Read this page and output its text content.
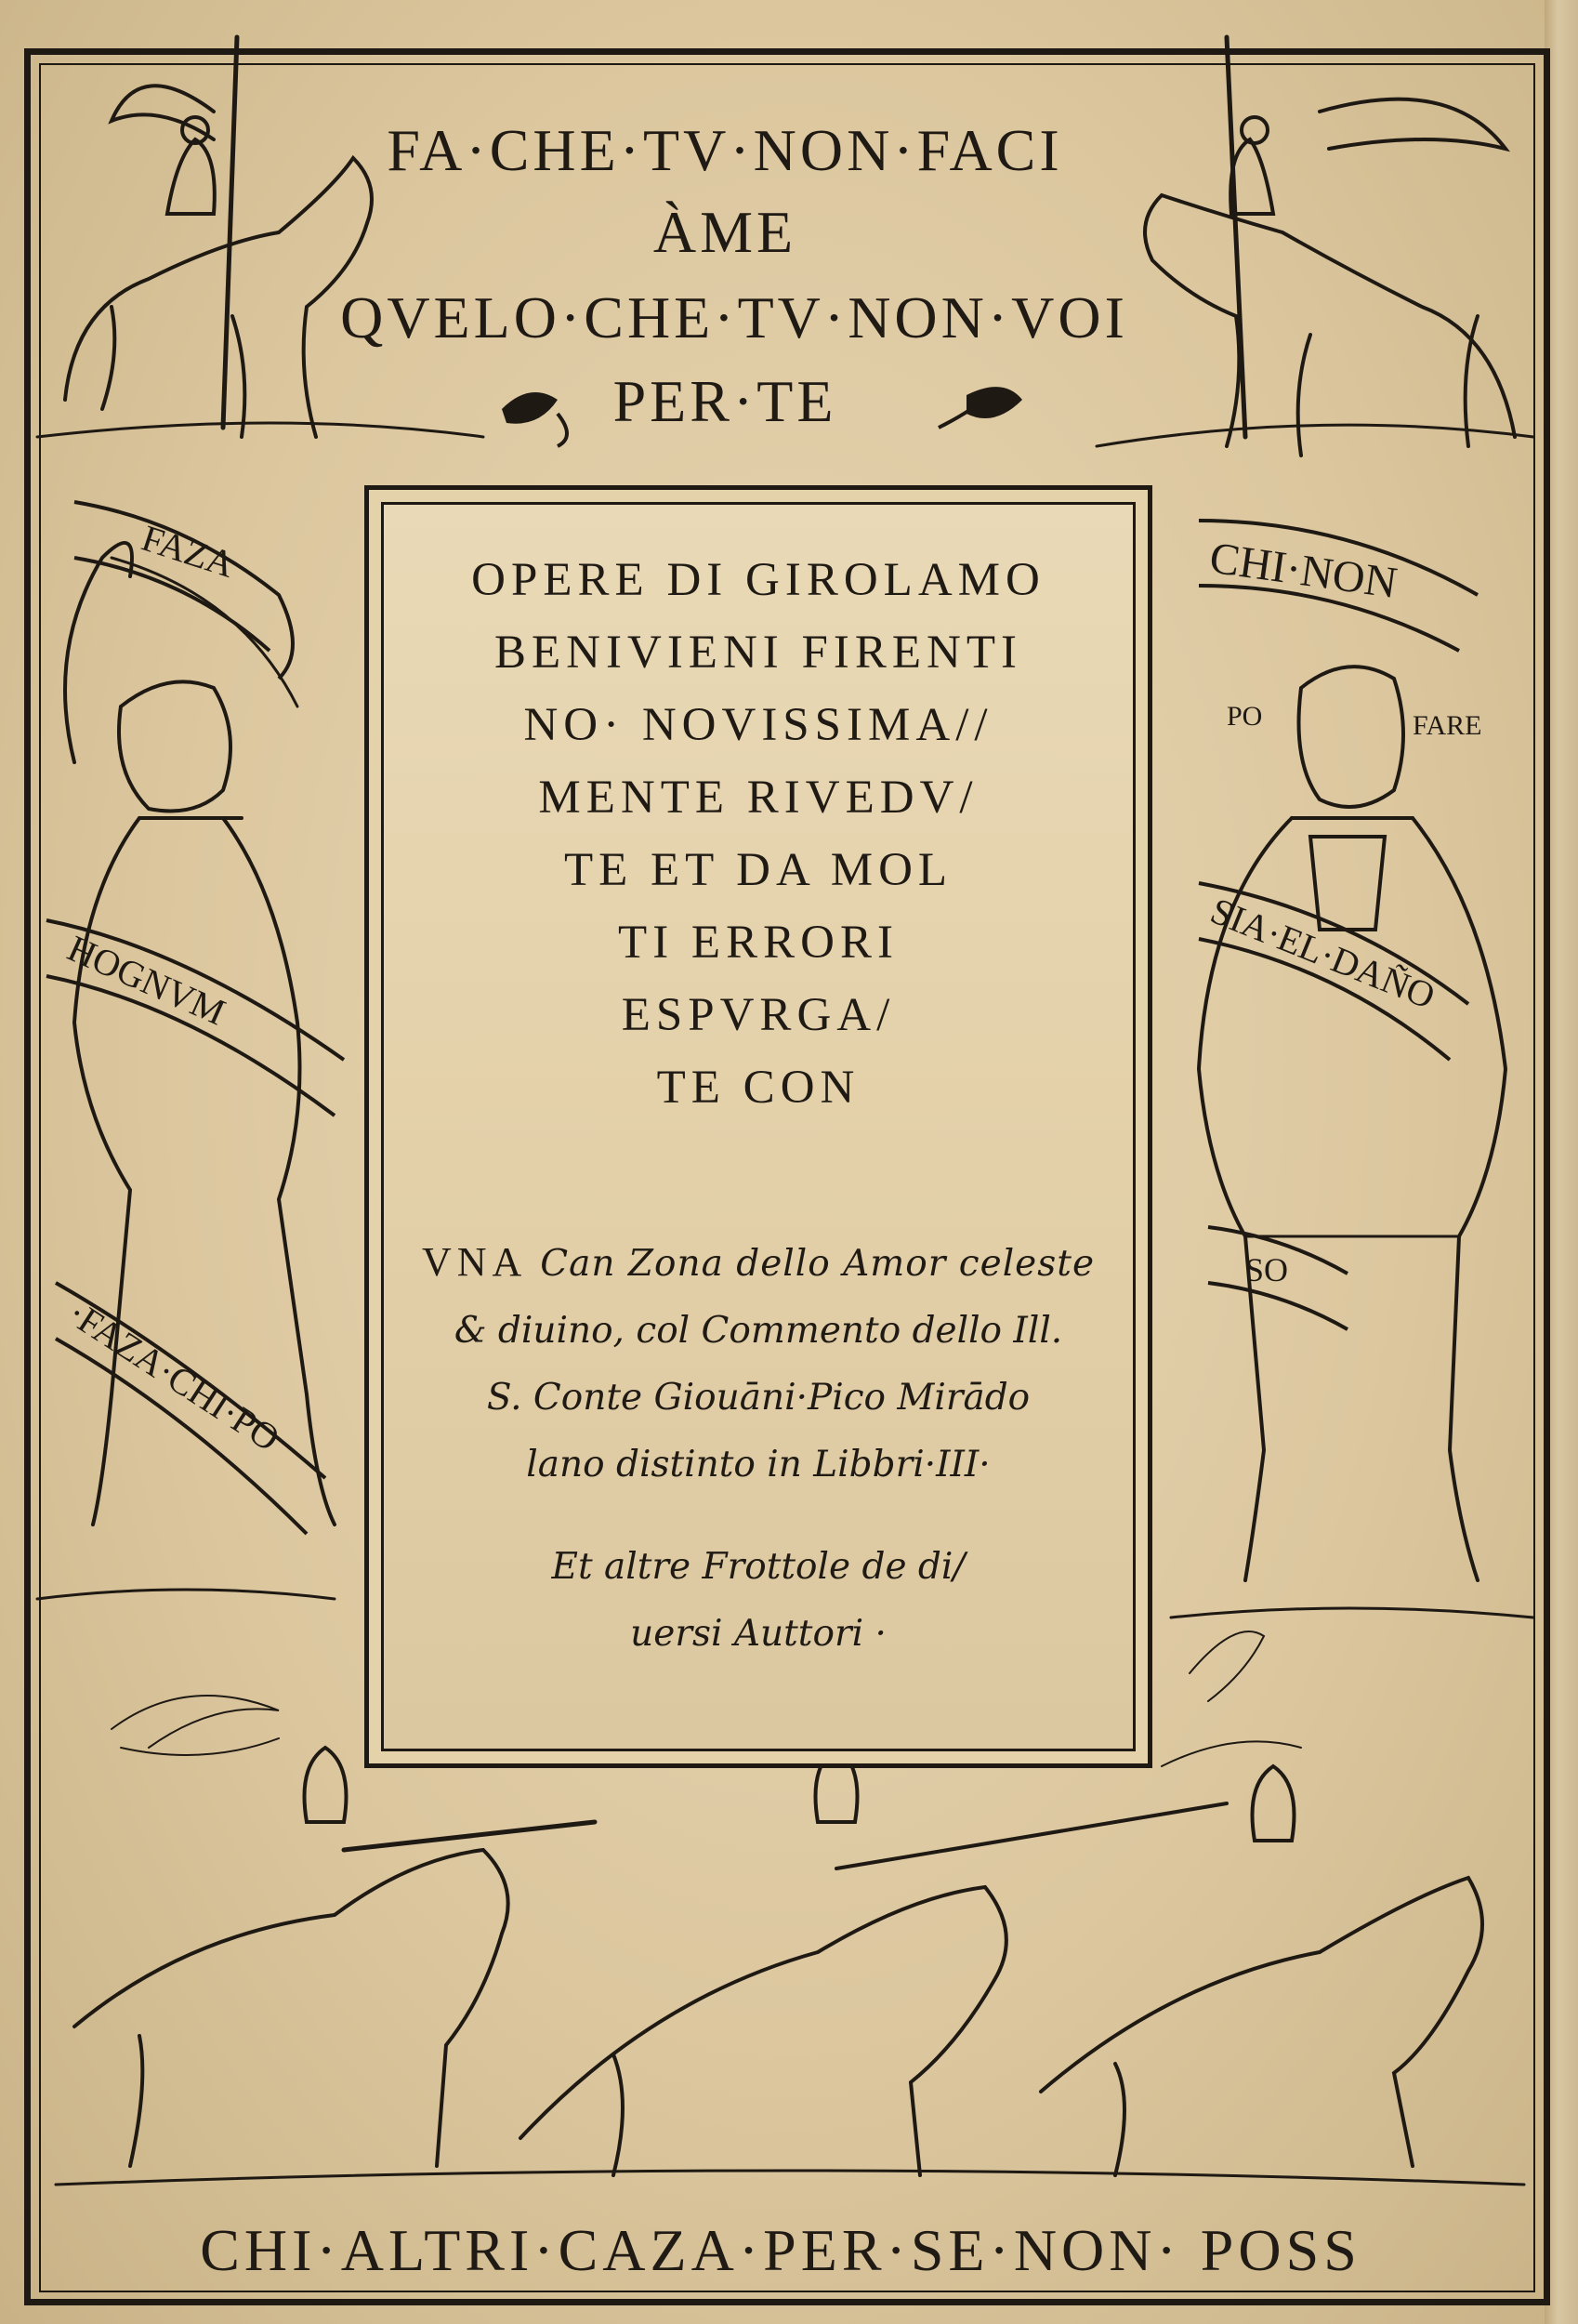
FAZA
HOGNVM
·FAZA·CHI·PO
CHI·NON
PO	FARE
SIA·EL·DAÑO
SO
FA·CHE·TV·NON·FACI
ÀME
QVELO·CHE·TV·NON·VOI
PER·TE
OPERE DI GIROLAMO
BENIVIENI FIRENTI
NO· NOVISSIMA//
MENTE RIVEDV/
TE ET DA MOL
TI ERRORI
ESPVRGA/
TE CON
VNA Can Zona dello Amor celeste
& diuino, col Commento dello Ill.
S. Conte Giouāni·Pico Mirādo
lano distinto in Libbri·III·
Et altre Frottole de di/
uersi Auttori ·
CHI·ALTRI·CAZA·PER·SE·NON· POSS
